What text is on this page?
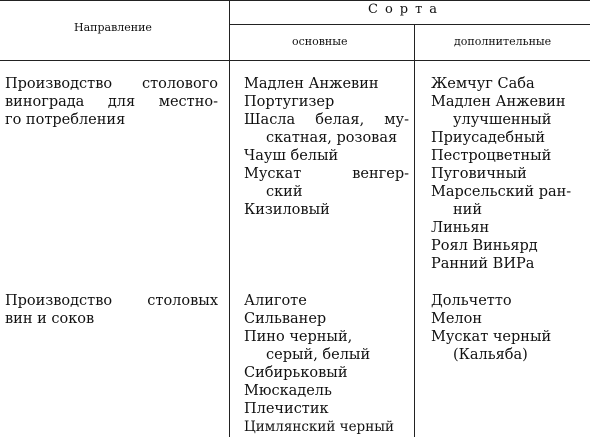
Направление
Сорта
основные	дополнительные
Производство столового
винограда для местно-
го потребления
Мадлен Анжевин
Португизер
Шасла белая, му-
скатная, розовая
Чауш белый
Мускат венгер-
ский
Кизиловый
Жемчуг Саба
Мадлен Анжевин
улучшенный
Приусадебный
Пестроцветный
Пуговичный
Марсельский ран-
ний
Линьян
Роял Виньярд
Ранний ВИРа
Производство столовых
вин и соков
Алиготе
Сильванер
Пино черный,
серый, белый
Сибирьковый
Мюскадель
Плечистик
Цимлянский черный
Дольчетто
Мелон
Мускат черный
(Кальяба)
